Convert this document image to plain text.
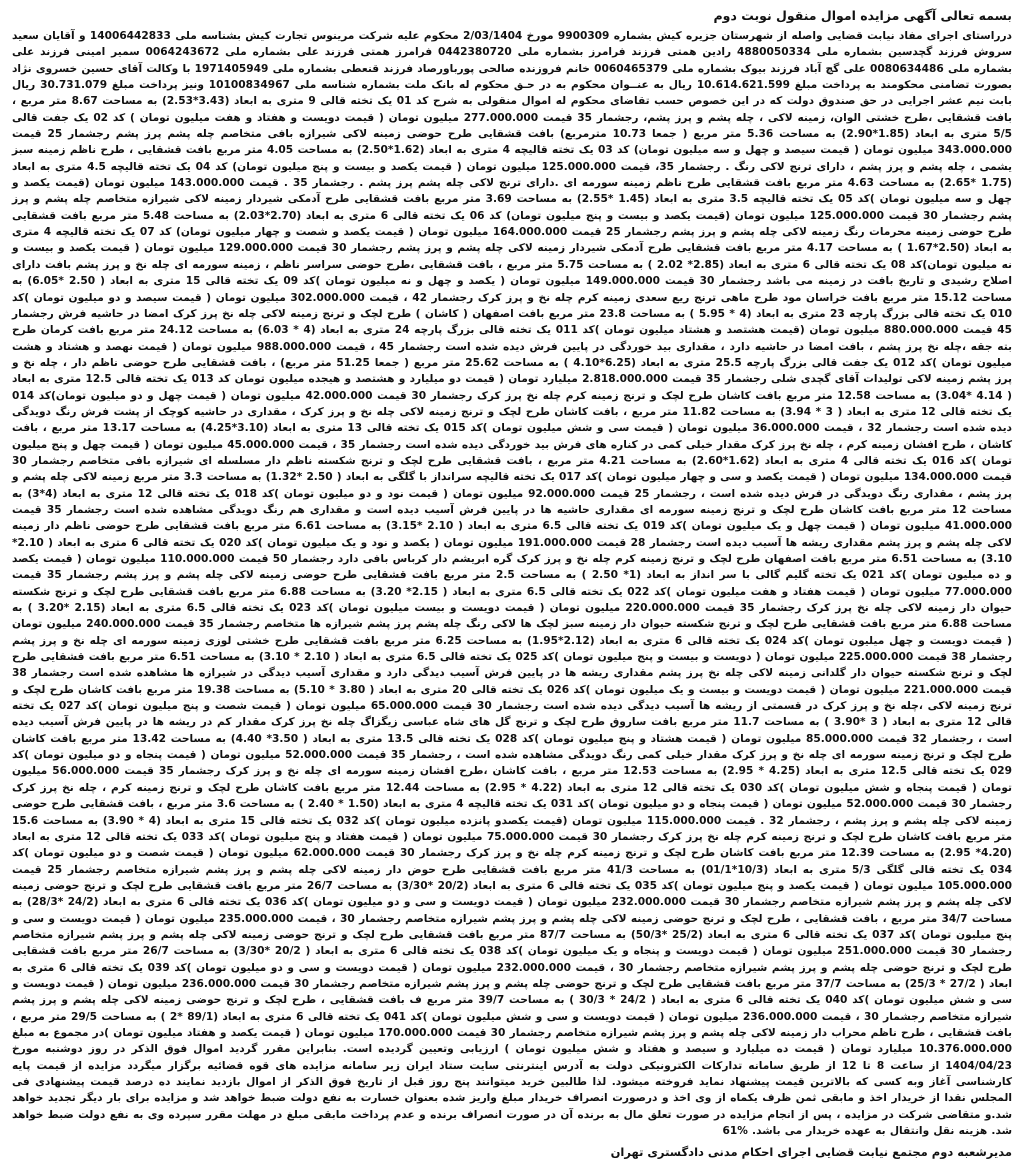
بسمه تعالی آگهی مزایده اموال منقول نوبت دوم

درراستای اجرای مفاد نیابت قضایی واصله از شهرستان جزیره کیش بشماره 9900309 مورخ 2/03/1404 محکوم علیه شرکت مرینوس تجارت کیش بشناسه ملی 14006442833 و آقایان سعید سروش فرزند گچدسین بشماره ملی 4880050334 رادین همتی فرزند فرامرز بشماره ملی 0442380720 فرامرز همتی فرزند علی بشماره ملی 0064243672 سمیر امینی فرزند علی بشماره ملی 0080634486 علی گچ آباد فرزند بیوک بشماره ملی 0060465379 خانم فروزنده صالحی پورباورصاد فرزند قنعطی بشماره ملی 1971405949 با وکالت آقای حسین خسروی نژاد بصورت تضامنی محکومند به پرداخت مبلغ 10.614.621.599 ریال به عنــوان محکوم به در حـق محکوم له بانک ملت بشماره شناسه ملی 10100834967 ونیز پرداخت مبلغ 30.731.079 ریال بابت نیم عشر اجرایی در حق صندوق دولت که در این خصوص حسب تقاضای محکوم له اموال منقولی به شرح کد 01 یک تخته قالی 9 متری به ابعاد (3.43*2.53) به مساحت 8.67 متر مربع ، بافت قشقایی ،طرح خشتی الوان، زمینه لاکی ، چله پشم و پرز پشم، رجشمار 35 قیمت 277.000.000 میلیون تومان ( قیمت دویست و هفتاد و هفت میلیون تومان ) کد 02 یک جفت قالی 5/5 متری به ابعاد (1.85*2.90) به مساحت 5.36 متر مربع ( جمعا 10.73 مترمربع) بافت قشقایی طرح حوضی زمینه لاکی شیرازه بافی متخاصم چله پشم پرز پشم رجشمار 25 قیمت 343.000.000 میلیون تومان ( قیمت سیصد و چهل و سه میلیون تومان) کد 03 یک تخته قالیچه 4 متری به ابعاد (1.62*2.50) به مساحت 4.05 متر مربع بافت قشقایی ، طرح ناظم زمینه سبز یشمی ، چله پشم و پرز پشم ، دارای ترنج لاکی رنگ . رجشمار 35، قیمت 125.000.000 میلیون تومان ( قیمت یکصد و بیست و پنج میلیون تومان) کد 04 یک تخته قالیچه 4.5 متری به ابعاد (1.75 *2.65) به مساحت 4.63 متر مربع بافت قشقایی طرح ناظم زمینه سورمه ای .دارای ترنج لاکی چله پشم پرز پشم . رجشمار 35 . قیمت 143.000.000 میلیون تومان (قیمت یکصد و چهل و سه میلیون تومان )کد 05 یک تخته قالیچه 3.5 متری به ابعاد (1.45 *2.55) به مساحت 3.69 متر مربع بافت قشقایی طرح آدمکی شیردار زمینه لاکی شیرازه متخاصم چله پشم و پرز پشم رجشمار 30 قیمت 125.000.000 میلیون تومان (قیمت یکصد و بیست و پنج میلیون تومان) کد 06 یک تخته قالی 6 متری به ابعاد (2.70*2.03) به مساحت 5.48 متر مربع بافت قشقایی طرح حوضی زمینه محرمات رنگ زمینه لاکی چله پشم و پرز پشم رجشمار 25 قیمت 164.000.000 میلیون تومان ( قیمت یکصد و شصت و چهار میلیون تومان) کد 07 یک تخته قالیچه 4 متری به ابعاد (2.50*1.67 ) به مساحت 4.17 متر مربع بافت قشقایی طرح آدمکی شیردار زمینه لاکی چله پشم و پرز پشم رجشمار 30 قیمت 129.000.000 میلیون تومان ( قیمت یکصد و بیست و نه میلیون تومان)کد 08 یک تخته قالی 6 متری به ابعاد (2.85* 2.02 ) به مساحت 5.75 متر مربع ، بافت قشقایی ،طرح حوضی سراسر ناظم ، زمینه سورمه ای چله نخ و پرز پشم بافت دارای اصلاح رشیدی و تاریخ بافت در زمینه می باشد رجشمار 30 قیمت 149.000.000 میلیون تومان ( یکصد و چهل و نه میلیون تومان )کد 09 یک تخته قالی 15 متری به ابعاد ( 2.50 *6.05) به مساحت 15.12 متر مربع بافت خراسان مود طرح ماهی ترنج ریع سعدی زمینه کرم چله نخ و پرز کرک رجشمار 42 ، قیمت 302.000.000 میلیون تومان ( قیمت سیصد و دو میلیون تومان )کد 010 یک تخته قالی بزرگ پارچه 23 متری به ابعاد (4 * 5.95 ) به مساحت 23.8 متر مربع بافت اصفهان ( کاشان ) طرح لچک و ترنج زمینه لاکی چله نخ پرز کرک امضا در حاشیه فرش رجشمار 45 قیمت 880.000.000 میلیون تومان (قیمت هشتصد و هشتاد میلیون تومان )کد 011 یک تخته قالی بزرگ پارچه 24 متری به ابعاد (4 * 6.03) به مساحت 24.12 متر مربع بافت کرمان طرح بته جقه ،چله نخ پرز پشم ، بافت امضا در حاشیه دارد ، مقداری بید خوردگی در پایین فرش دیده شده است رجشمار 45 ، قیمت 988.000.000 میلیون تومان ( قیمت نهصد و هشتاد و هشت میلیون تومان )کد 012 یک جفت قالی بزرگ پارچه 25.5 متری به ابعاد (6.25*4.10 ) به مساحت 25.62 متر مربع ( جمعا 51.25 متر مربع) ، بافت قشقایی طرح حوضی ناظم دار ، چله نخ و پرز پشم زمینه لاکی تولیدات آقای گچدی شلی رجشمار 35 قیمت 2.818.000.000 میلیارد تومان ( قیمت دو میلیارد و هشتصد و هیجده میلیون تومان کد 013 یک تخته قالی 12.5 متری به ابعاد ( 4.14 *3.04) به مساحت 12.58 متر مربع بافت کاشان طرح لچک و ترنج زمینه کرم چله نخ پرز کرک رجشمار 30 قیمت 42.000.000 میلیون تومان ( قیمت چهل و دو میلیون تومان)کد 014 یک تخته قالی 12 متری به ابعاد ( 3 * 3.94) به مساحت 11.82 متر مربع ، بافت کاشان طرح لچک و ترنج زمینه لاکی چله نخ و پرز کرک ، مقداری در حاشیه کوچک از پشت فرش رنگ دویدگی دیده شده است رجشمار 32 ، قیمت 36.000.000 میلیون تومان ( قیمت سی و شش میلیون تومان )کد 015 یک تخته قالی 13 متری به ابعاد (3.10*4.25) به مساحت 13.17 متر مربع ، بافت کاشان ، طرح افشان زمینه کرم ، چله نخ پرز کرک مقدار خیلی کمی در کناره های فرش بید خوردگی دیده شده است رجشمار 35 ، قیمت 45.000.000 میلیون تومان ( قیمت چهل و پنج میلیون تومان )کد 016 یک تخته قالی 4 متری به ابعاد (1.62*2.60) به مساحت 4.21 متر مربع ، بافت قشقایی طرح لچک و ترنج شکسته ناظم دار مسلسله ای شیرازه بافی متخاصم رجشمار 30 قیمت 134.000.000 میلیون تومان ( قیمت یکصد و سی و چهار میلیون تومان )کد 017 یک تخته قالیچه سرانداز با گلگی به ابعاد ( 2.50 *1.32) به مساحت 3.3 متر مربع زمینه لاکی چله پشم و پرز پشم ، مقداری رنگ دویدگی در فرش دیده شده است ، رجشمار 25 قیمت 92.000.000 میلیون تومان ( قیمت نود و دو میلیون تومان )کد 018 یک تخته قالی 12 متری به ابعاد (4*3) به مساحت 12 متر مربع بافت کاشان طرح لچک و ترنج زمینه سورمه ای مقداری حاشیه ها در پایین فرش آسیب دیده است و مقداری هم رنگ دویدگی مشاهده شده است رجشمار 35 قیمت 41.000.000 میلیون تومان ( قیمت چهل و یک میلیون تومان )کد 019 یک تخته قالی 6.5 متری به ابعاد ( 2.10 *3.15) به مساحت 6.61 متر مربع بافت قشقایی طرح حوضی ناظم دار زمینه لاکی چله پشم و پرز پشم مقداری ریشه ها آسیب دیده است رجشمار 28 قیمت 191.000.000 میلیون تومان ( یکصد و نود و یک میلیون تومان )کد 020 یک تخته قالی 6 متری به ابعاد ( 2.10* 3.10) به مساحت 6.51 متر مربع بافت اصفهان طرح لچک و ترنج زمینه کرم چله نخ و پرز کرک گره ابریشم دار کرباس بافی دارد رجشمار 50 قیمت 110.000.000 میلیون تومان ( قیمت یکصد و ده میلیون تومان )کد 021 یک تخته گلیم گالی با سر انداز به ابعاد (1* 2.50 ) به مساحت 2.5 متر مربع بافت قشقایی طرح حوضی زمینه لاکی چله پشم و پرز پشم رجشمار 35 قیمت 77.000.000 میلیون تومان ( قیمت هفتاد و هفت میلیون تومان )کد 022 یک تخته قالی 6.5 متری به ابعاد ( 2.15* 3.20) به مساحت 6.88 متر مربع بافت قشقایی طرح لچک و ترنج شکسته حیوان دار زمینه لاکی چله نخ پرز کرک رجشمار 35 قیمت 220.000.000 میلیون تومان ( قیمت دویست و بیست میلیون تومان )کد 023 یک تخته قالی 6.5 متری به ابعاد (2.15 *3.20 ) به مساحت 6.88 متر مربع بافت قشقایی طرح لچک و ترنج شکسته حیوان دار زمینه سبز لچک ها لاکی رنگ چله پشم پرز پشم شیرازه ها متخاصم رجشمار 35 قیمت 240.000.000 میلیون تومان ( قیمت دویست و چهل میلیون تومان )کد 024 یک تخته قالی 6 متری به ابعاد (2.12*1.95) به مساحت 6.25 متر مربع بافت قشقایی طرح خشتی لوزی زمینه سورمه ای چله نخ و پرز پشم رجشمار 38 قیمت 225.000.000 میلیون تومان ( دویست و بیست و پنج میلیون تومان )کد 025 یک تخته قالی 6.5 متری به ابعاد ( 2.10 * 3.10) به مساحت 6.51 متر مربع بافت قشقایی طرح لچک و ترنج شکسته حیوان دار گلدانی زمینه لاکی چله نخ پرز پشم مقداری ریشه ها در پایین فرش آسیب دیدگی دارد و مقداری آسیب دیدگی در شیرازه ها مشاهده شده است رجشمار 38 قیمت 221.000.000 میلیون تومان ( قیمت دویست و بیست و یک میلیون تومان )کد 026 یک تخته قالی 20 متری به ابعاد ( 3.80 * 5.10) به مساحت 19.38 متر مربع بافت کاشان طرح لچک و ترنج زمینه لاکی ،چله نخ و پرز کرک در قسمتی از ریشه ها آسیب دیدگی دیده شده است رجشمار 30 قیمت 65.000.000 میلیون تومان ( قیمت شصت و پنج میلیون تومان )کد 027 یک تخته قالی 12 متری به ابعاد ( 3 *3.90 ) به مساحت 11.7 متر مربع بافت ساروق طرح لچک و ترنج گل های شاه عباسی زیگزاگ چله نخ پرز کرک مقدار کم در ریشه ها در پایین فرش آسیب دیده است ، رجشمار 32 قیمت 85.000.000 میلیون تومان ( قیمت هشتاد و پنج میلیون تومان )کد 028 یک تخته قالی 13.5 متری به ابعاد ( 3.50* 4.40) به مساحت 13.42 متر مربع بافت کاشان طرح لچک و ترنج زمینه سورمه ای چله نخ و پرز کرک مقدار خیلی کمی رنگ دویدگی مشاهده شده است ، رجشمار 35 قیمت 52.000.000 میلیون تومان ( قیمت پنجاه و دو میلیون تومان )کد 029 یک تخته قالی 12.5 متری به ابعاد (4.25 * 2.95) به مساحت 12.53 متر مربع ، بافت کاشان ،طرح افشان زمینه سورمه ای چله نخ و پرز کرک رجشمار 35 قیمت 56.000.000 میلیون تومان ( قیمت پنجاه و شش میلیون تومان )کد 030 یک تخته قالی 12 متری به ابعاد (4.22 * 2.95) به مساحت 12.44 متر مربع بافت کاشان طرح لچک و ترنج زمینه کرم ، چله نخ پرز کرک رجشمار 30 قیمت 52.000.000 میلیون تومان ( قیمت پنجاه و دو میلیون تومان )کد 031 یک تخته قالیچه 4 متری به ابعاد (1.50 * 2.40 ) به مساحت 3.6 متر مربع ، بافت قشقایی طرح حوضی زمینه لاکی چله پشم و پرز پشم ، رجشمار 32 . قیمت 115.000.000 میلیون تومان (قیمت یکصدو پانزده میلیون تومان )کد 032 یک تخته قالی 15 متری به ابعاد (4 * 3.90) به مساحت 15.6 متر مربع بافت کاشان طرح لچک و ترنج زمینه کرم چله نخ پرز کرک رجشمار 30 قیمت 75.000.000 میلیون تومان ( قیمت هفتاد و پنج میلیون تومان )کد 033 یک تخته قالی 12 متری به ابعاد (4.20* 2.95) به مساحت 12.39 متر مربع بافت کاشان طرح لچک و ترنج زمینه کرم چله نخ و پرز کرک رجشمار 30 قیمت 62.000.000 میلیون تومان ( قیمت شصت و دو میلیون تومان )کد 034 یک تخته قالی گلگی 5/3 متری به ابعاد (10/3*01/1) به مساحت 41/3 متر مربع بافت قشقایی طرح حوض دار زمینه لاکی چله پشم و پرز پشم شیرازه متخاصم رجشمار 25 قیمت 105.000.000 میلیون تومان ( قیمت یکصد و پنج میلیون تومان )کد 035 یک تخته قالی 6 متری به ابعاد (20/2 *3/30) به مساحت 26/7 متر مربع بافت قشقایی طرح لچک و ترنج حوضی زمینه لاکی چله پشم و پرز پشم شیرازه متخاصم رجشمار 30 قیمت 232.000.000 میلیون تومان ( قیمت دویست و سی و دو میلیون تومان )کد 036 یک تخته قالی 6 متری به ابعاد (24/2 *28/3) به مساحت 34/7 متر مربع ، بافت قشقایی ، طرح لچک و ترنج حوضی زمینه لاکی چله پشم و پرز پشم شیرازه متخاصم رجشمار 30 ، قیمت 235.000.000 میلیون تومان ( قیمت دویست و سی و پنج میلیون تومان )کد 037 یک تخته قالی 6 متری به ابعاد (25/2 *50/3) به مساحت 87/7 متر مربع بافت قشقایی طرح لچک و ترنج حوضی زمینه لاکی چله پشم و پرز پشم شیرازه متخاصم رجشمار 30 قیمت 251.000.000 میلیون تومان ( قیمت دویست و پنجاه و یک میلیون تومان )کد 038 یک تخته قالی 6 متری به ابعاد ( 20/2 *3/30) به مساحت 26/7 متر مربع بافت قشقایی طرح لچک و ترنج حوضی چله پشم و پرز پشم شیرازه متخاصم رجشمار 30 ، قیمت 232.000.000 میلیون تومان ( قیمت دویست و سی و دو میلیون تومان )کد 039 یک تخته قالی 6 متری به ابعاد ( 27/2 * 25/3) به مساحت 37/7 متر مربع بافت قشقایی طرح لچک و ترنج حوضی چله پشم و پرز پشم شیرازه متخاصم رجشمار 30 قیمت 236.000.000 میلیون تومان ( قیمت دویست و سی و شش میلیون تومان )کد 040 یک تخته قالی 6 متری به ابعاد ( 24/2 * 30/3 ) به مساحت 39/7 متر مربع ف بافت قشقایی ، طرح لچک و ترنج حوضی زمینه لاکی چله پشم و پرز پشم شیرازه متخاصم رجشمار 30 ، قیمت 236.000.000 میلیون تومان ( قیمت دویست و سی و شش میلیون تومان )کد 041 یک تخته قالی 6 متری به ابعاد (89/1 *2 ) به مساحت 29/5 متر مربع ، بافت قشقایی ، طرح ناظم محراب دار زمینه لاکی چله پشم و پرز پشم شیرازه متخاصم رجشمار 30 قیمت 170.000.000 میلیون تومان ( قیمت یکصد و هفتاد میلیون تومان )در مجموع به مبلغ 10.376.000.000 میلیارد تومان ( قیمت ده میلیارد و سیصد و هفتاد و شش میلیون تومان ) ارزیابی وتعیین گردیده است. بنابراین مقرر گردید اموال فوق الذکر در روز دوشنبه مورخ 1404/04/23 از ساعت 8 تا 12 از طریق سامانه تدارکات الکترونیکی دولت به آدرس اینترنتی سایت ستاد ایران زیر سامانه مزایده های قوه قضائیه برگزار میگردد مزایده از قیمت پایه کارشناسی آغاز وبه کسی که بالاترین قیمت پیشنهاد نماید فروخته میشود. لذا طالبین خرید میتوانند پنج روز قبل از تاریخ فوق الذکر از اموال بازدید نمایند ده درصد قیمت پیشنهادی فی المجلس نقدا از خریدار اخذ و مابقی ثمن ظرف یکماه از وی اخذ و درصورت انصراف خریدار مبلغ واریز شده بعنوان خسارت به نفع دولت ضبط خواهد شد و مزایده برای بار دیگر تجدید خواهد شد.و متقاضی شرکت در مزایده ، پس از انجام مزایده در صورت تعلق مال به برنده آن در صورت انصراف برنده و عدم پرداخت مابقی مبلغ در مهلت مقرر سپرده وی به نفع دولت ضبط خواهد شد. هزینه نقل وانتقال به عهده خریدار می باشد. 61%

مدیرشعبه دوم مجتمع نیابت قضایی اجرای احکام مدنی دادگستری تهران
